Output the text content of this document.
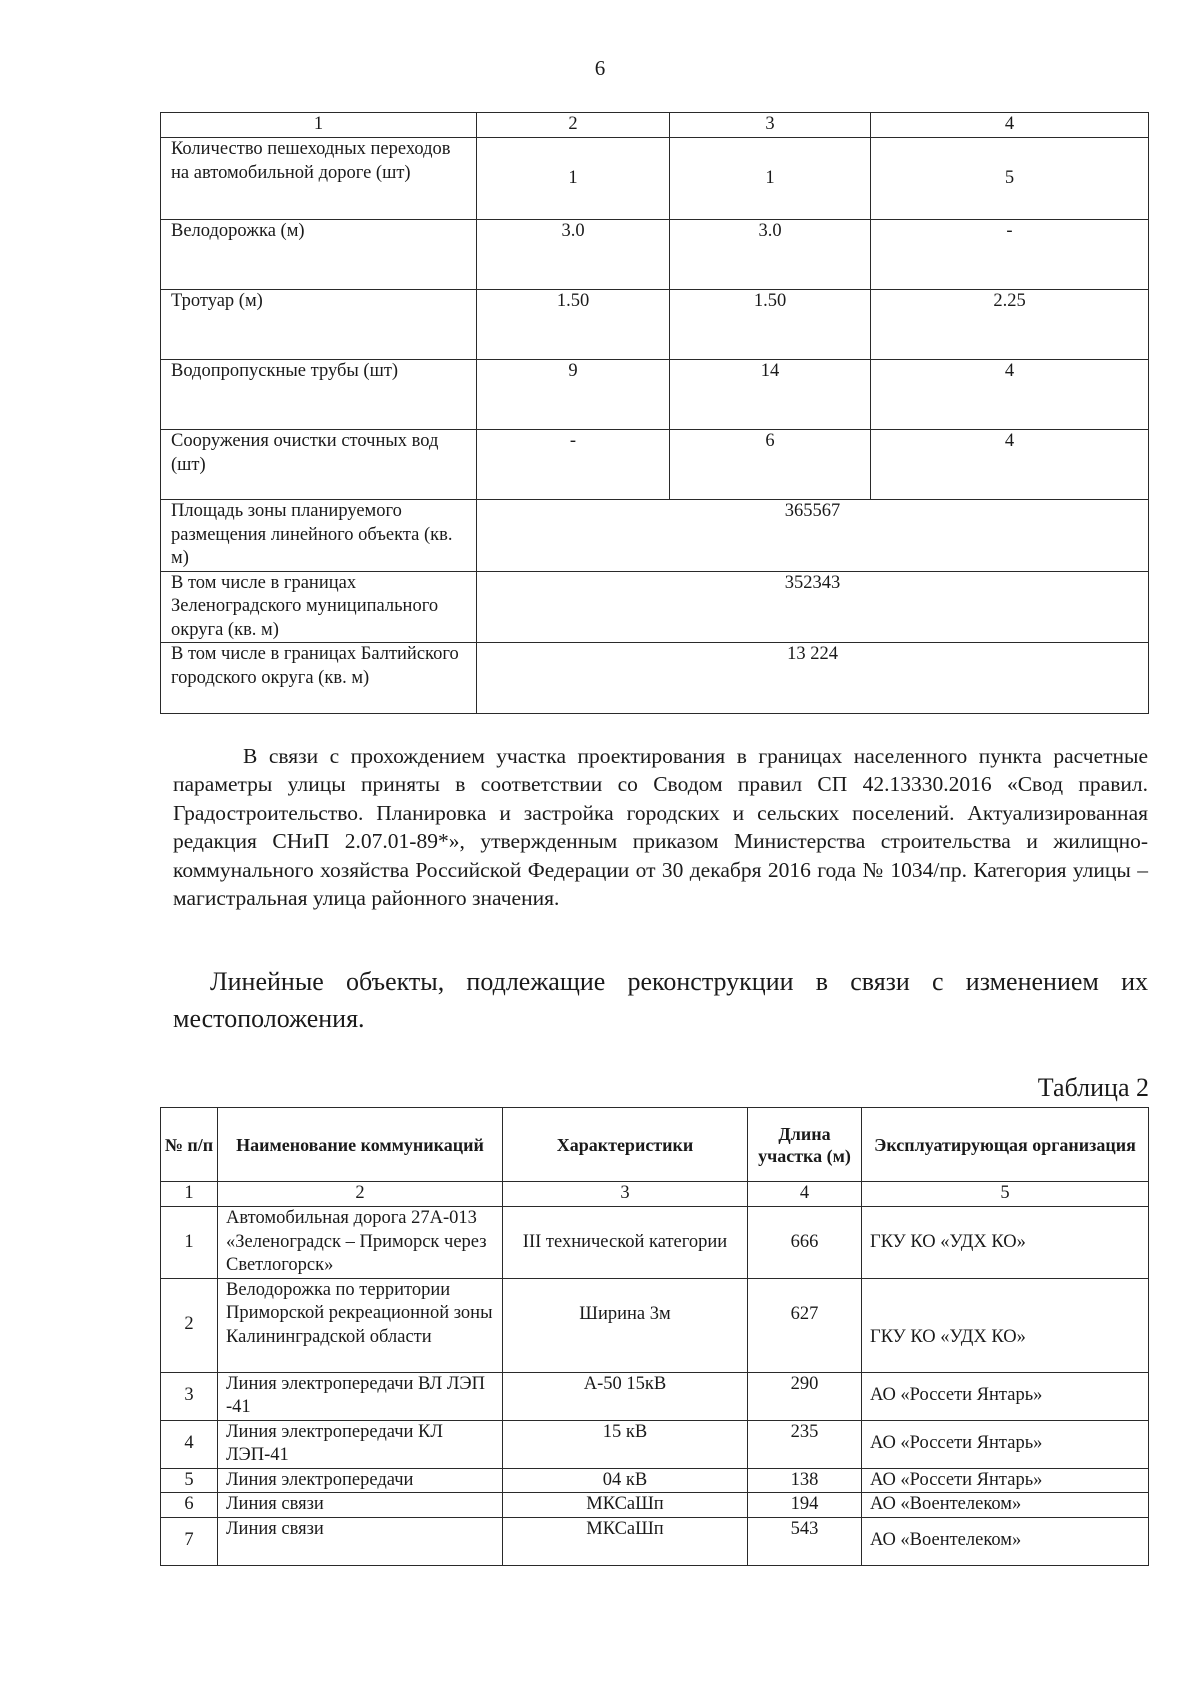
6
1	2	3	4
Количество пешеходных переходов на автомобильной дороге (шт)	1	1	5
Велодорожка (м)	3.0	3.0	-
Тротуар (м)	1.50	1.50	2.25
Водопропускные трубы (шт)	9	14	4
Сооружения очистки сточных вод (шт)	-	6	4
Площадь зоны планируемого размещения линейного объекта (кв. м)	365567		
В том числе в границах Зеленоградского муниципального округа (кв. м)	352343		
В том числе в границах Балтийского городского округа (кв. м)	13 224		

В связи с прохождением участка проектирования в границах населенного пункта расчетные параметры улицы приняты в соответствии со Сводом правил СП 42.13330.2016 «Свод правил. Градостроительство. Планировка и застройка городских и сельских поселений. Актуализированная редакция СНиП 2.07.01-89*», утвержденным приказом Министерства строительства и жилищно-коммунального хозяйства Российской Федерации от 30 декабря 2016 года № 1034/пр. Категория улицы – магистральная улица районного значения.

Линейные объекты, подлежащие реконструкции в связи с изменением их местоположения.

Таблица 2

№ п/п	Наименование коммуникаций	Характеристики	Длина участка (м)	Эксплуатирующая организация
1	2	3	4	5
1	Автомобильная дорога 27А-013 «Зеленоградск – Приморск через Светлогорск»	III технической категории	666	ГКУ КО «УДХ КО»
2	Велодорожка по территории Приморской рекреационной зоны Калининградской области	Ширина 3м	627	ГКУ КО «УДХ КО»
3	Линия электропередачи ВЛ ЛЭП -41	А-50 15кВ	290	АО «Россети Янтарь»
4	Линия электропередачи КЛ ЛЭП-41	15 кВ	235	АО «Россети Янтарь»
5	Линия электропередачи	04 кВ	138	АО «Россети Янтарь»
6	Линия связи	МКСаШп	194	АО «Воентелеком»
7	Линия связи	МКСаШп	543	АО «Воентелеком»
